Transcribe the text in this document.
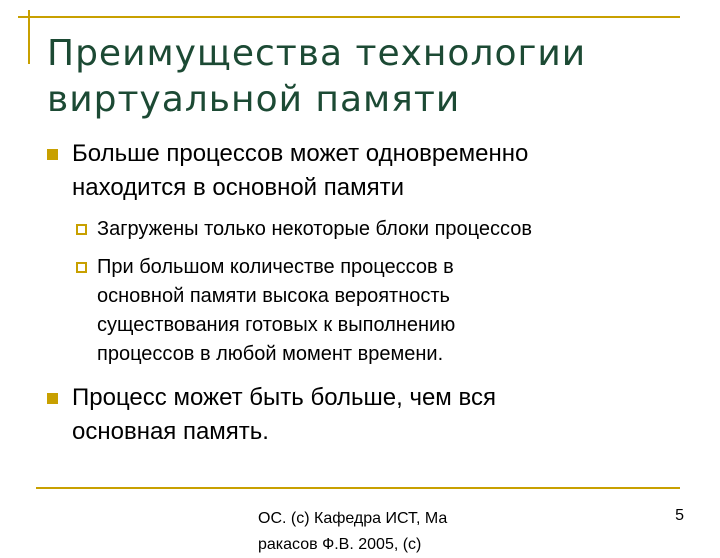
Преимущества технологии
виртуальной памяти
Больше процессов может одновременно
находится в основной памяти
Загружены только некоторые блоки процессов
При большом количестве процессов в
основной памяти высока вероятность
существования готовых к выполнению
процессов в любой момент времени.
Процесс может быть больше, чем вся
основная память.
ОС. (c) Кафедра ИСТ, Ма
ракасов Ф.В. 2005, (c)
5
